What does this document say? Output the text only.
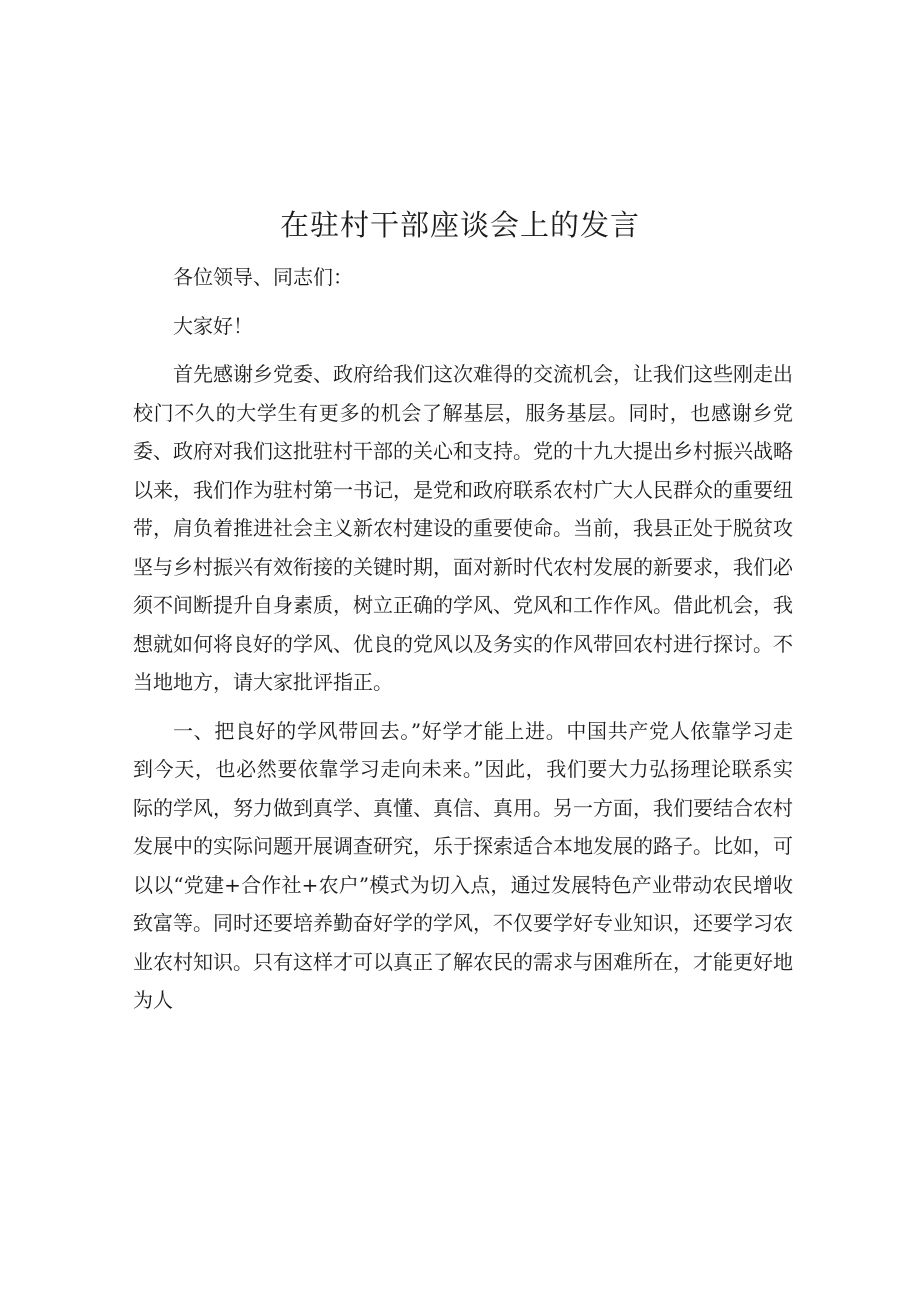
在驻村干部座谈会上的发言

各位领导、同志们：

大家好！

首先感谢乡党委、政府给我们这次难得的交流机会，让我们这些刚走出校门不久的大学生有更多的机会了解基层，服务基层。同时，也感谢乡党委、政府对我们这批驻村干部的关心和支持。党的十九大提出乡村振兴战略以来，我们作为驻村第一书记，是党和政府联系农村广大人民群众的重要纽带，肩负着推进社会主义新农村建设的重要使命。当前，我县正处于脱贫攻坚与乡村振兴有效衔接的关键时期，面对新时代农村发展的新要求，我们必须不间断提升自身素质，树立正确的学风、党风和工作作风。借此机会，我想就如何将良好的学风、优良的党风以及务实的作风带回农村进行探讨。不当地地方，请大家批评指正。

一、把良好的学风带回去。”好学才能上进。中国共产党人依靠学习走到今天，也必然要依靠学习走向未来。”因此，我们要大力弘扬理论联系实际的学风，努力做到真学、真懂、真信、真用。另一方面，我们要结合农村发展中的实际问题开展调查研究，乐于探索适合本地发展的路子。比如，可以以“党建+合作社+农户”模式为切入点，通过发展特色产业带动农民增收致富等。同时还要培养勤奋好学的学风，不仅要学好专业知识，还要学习农业农村知识。只有这样才可以真正了解农民的需求与困难所在，才能更好地为人
